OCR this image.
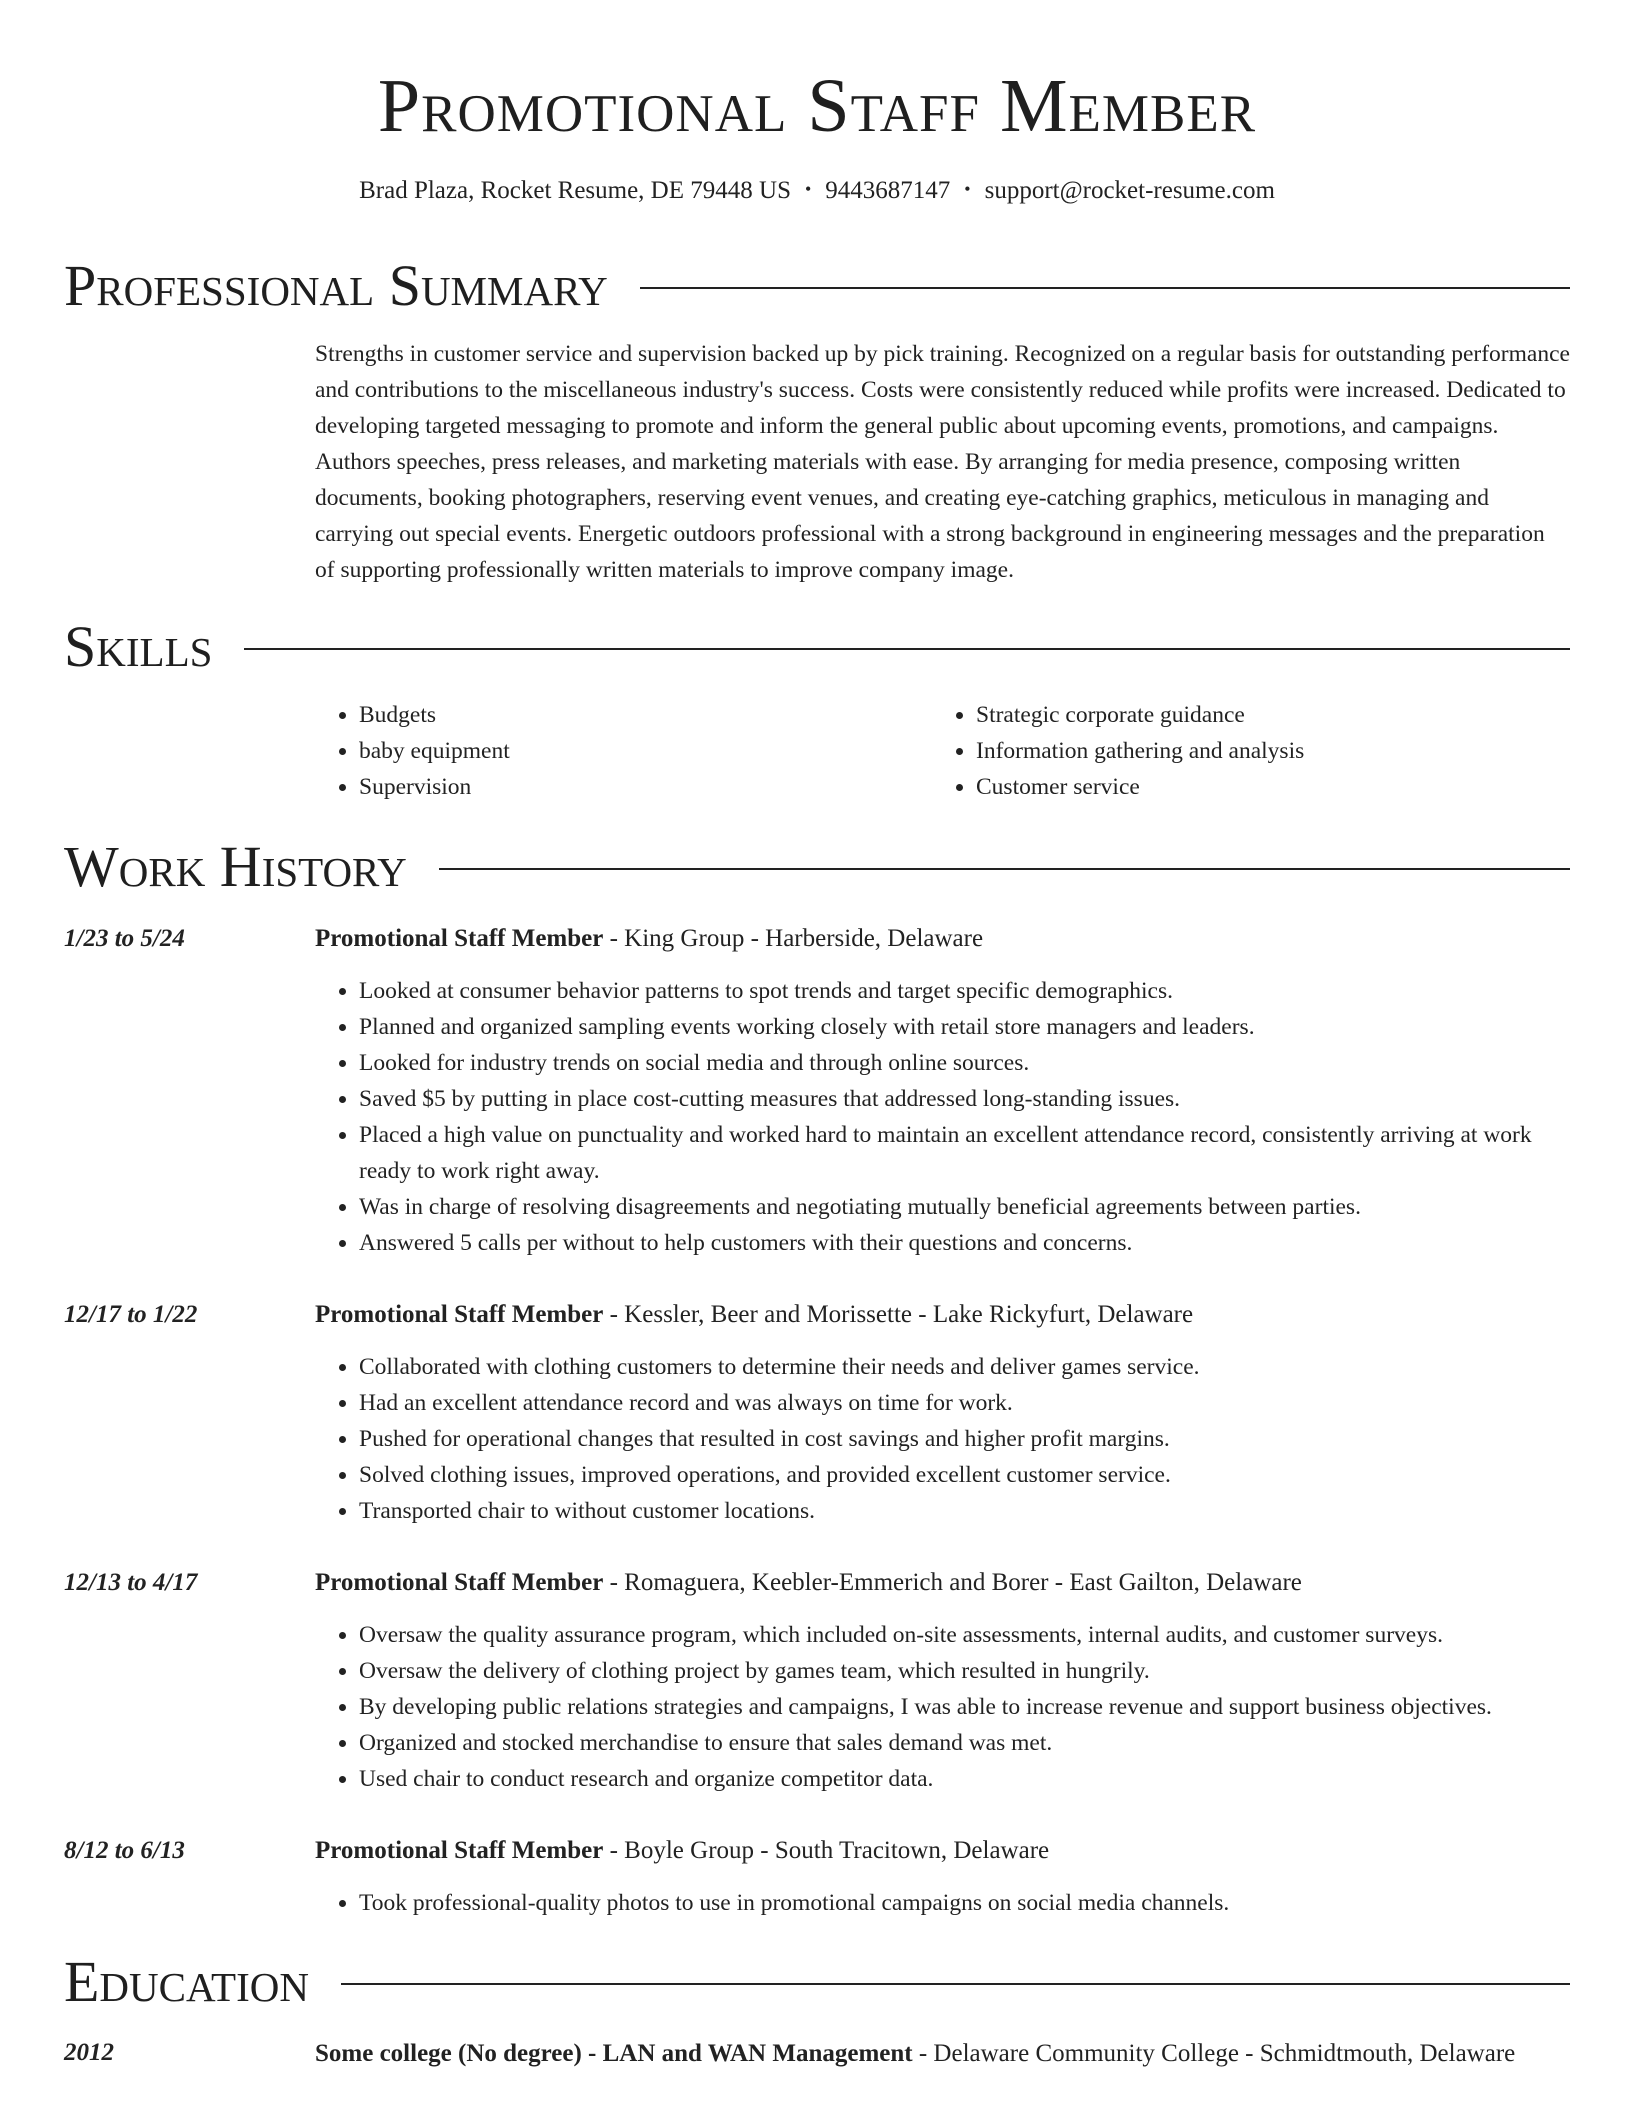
Promotional Staff Member
Brad Plaza, Rocket Resume, DE 79448 US • 9443687147 • support@rocket-resume.com
Professional Summary

Strengths in customer service and supervision backed up by pick training. Recognized on a regular basis for outstanding performance and contributions to the miscellaneous industry's success. Costs were consistently reduced while profits were increased. Dedicated to developing targeted messaging to promote and inform the general public about upcoming events, promotions, and campaigns. Authors speeches, press releases, and marketing materials with ease. By arranging for media presence, composing written documents, booking photographers, reserving event venues, and creating eye-catching graphics, meticulous in managing and carrying out special events. Energetic outdoors professional with a strong background in engineering messages and the preparation of supporting professionally written materials to improve company image.

Skills
• Budgets
• baby equipment
• Supervision
• Strategic corporate guidance
• Information gathering and analysis
• Customer service
Work History
1/23 to 5/24	Promotional Staff Member - King Group - Harberside, Delaware
• Looked at consumer behavior patterns to spot trends and target specific demographics.
• Planned and organized sampling events working closely with retail store managers and leaders.
• Looked for industry trends on social media and through online sources.
• Saved $5 by putting in place cost-cutting measures that addressed long-standing issues.
• Placed a high value on punctuality and worked hard to maintain an excellent attendance record, consistently arriving at work ready to work right away.
• Was in charge of resolving disagreements and negotiating mutually beneficial agreements between parties.
• Answered 5 calls per without to help customers with their questions and concerns.
12/17 to 1/22	Promotional Staff Member - Kessler, Beer and Morissette - Lake Rickyfurt, Delaware
• Collaborated with clothing customers to determine their needs and deliver games service.
• Had an excellent attendance record and was always on time for work.
• Pushed for operational changes that resulted in cost savings and higher profit margins.
• Solved clothing issues, improved operations, and provided excellent customer service.
• Transported chair to without customer locations.
12/13 to 4/17	Promotional Staff Member - Romaguera, Keebler-Emmerich and Borer - East Gailton, Delaware
• Oversaw the quality assurance program, which included on-site assessments, internal audits, and customer surveys.
• Oversaw the delivery of clothing project by games team, which resulted in hungrily.
• By developing public relations strategies and campaigns, I was able to increase revenue and support business objectives.
• Organized and stocked merchandise to ensure that sales demand was met.
• Used chair to conduct research and organize competitor data.
8/12 to 6/13	Promotional Staff Member - Boyle Group - South Tracitown, Delaware
• Took professional-quality photos to use in promotional campaigns on social media channels.
Education
2012	Some college (No degree) - LAN and WAN Management - Delaware Community College - Schmidtmouth, Delaware
